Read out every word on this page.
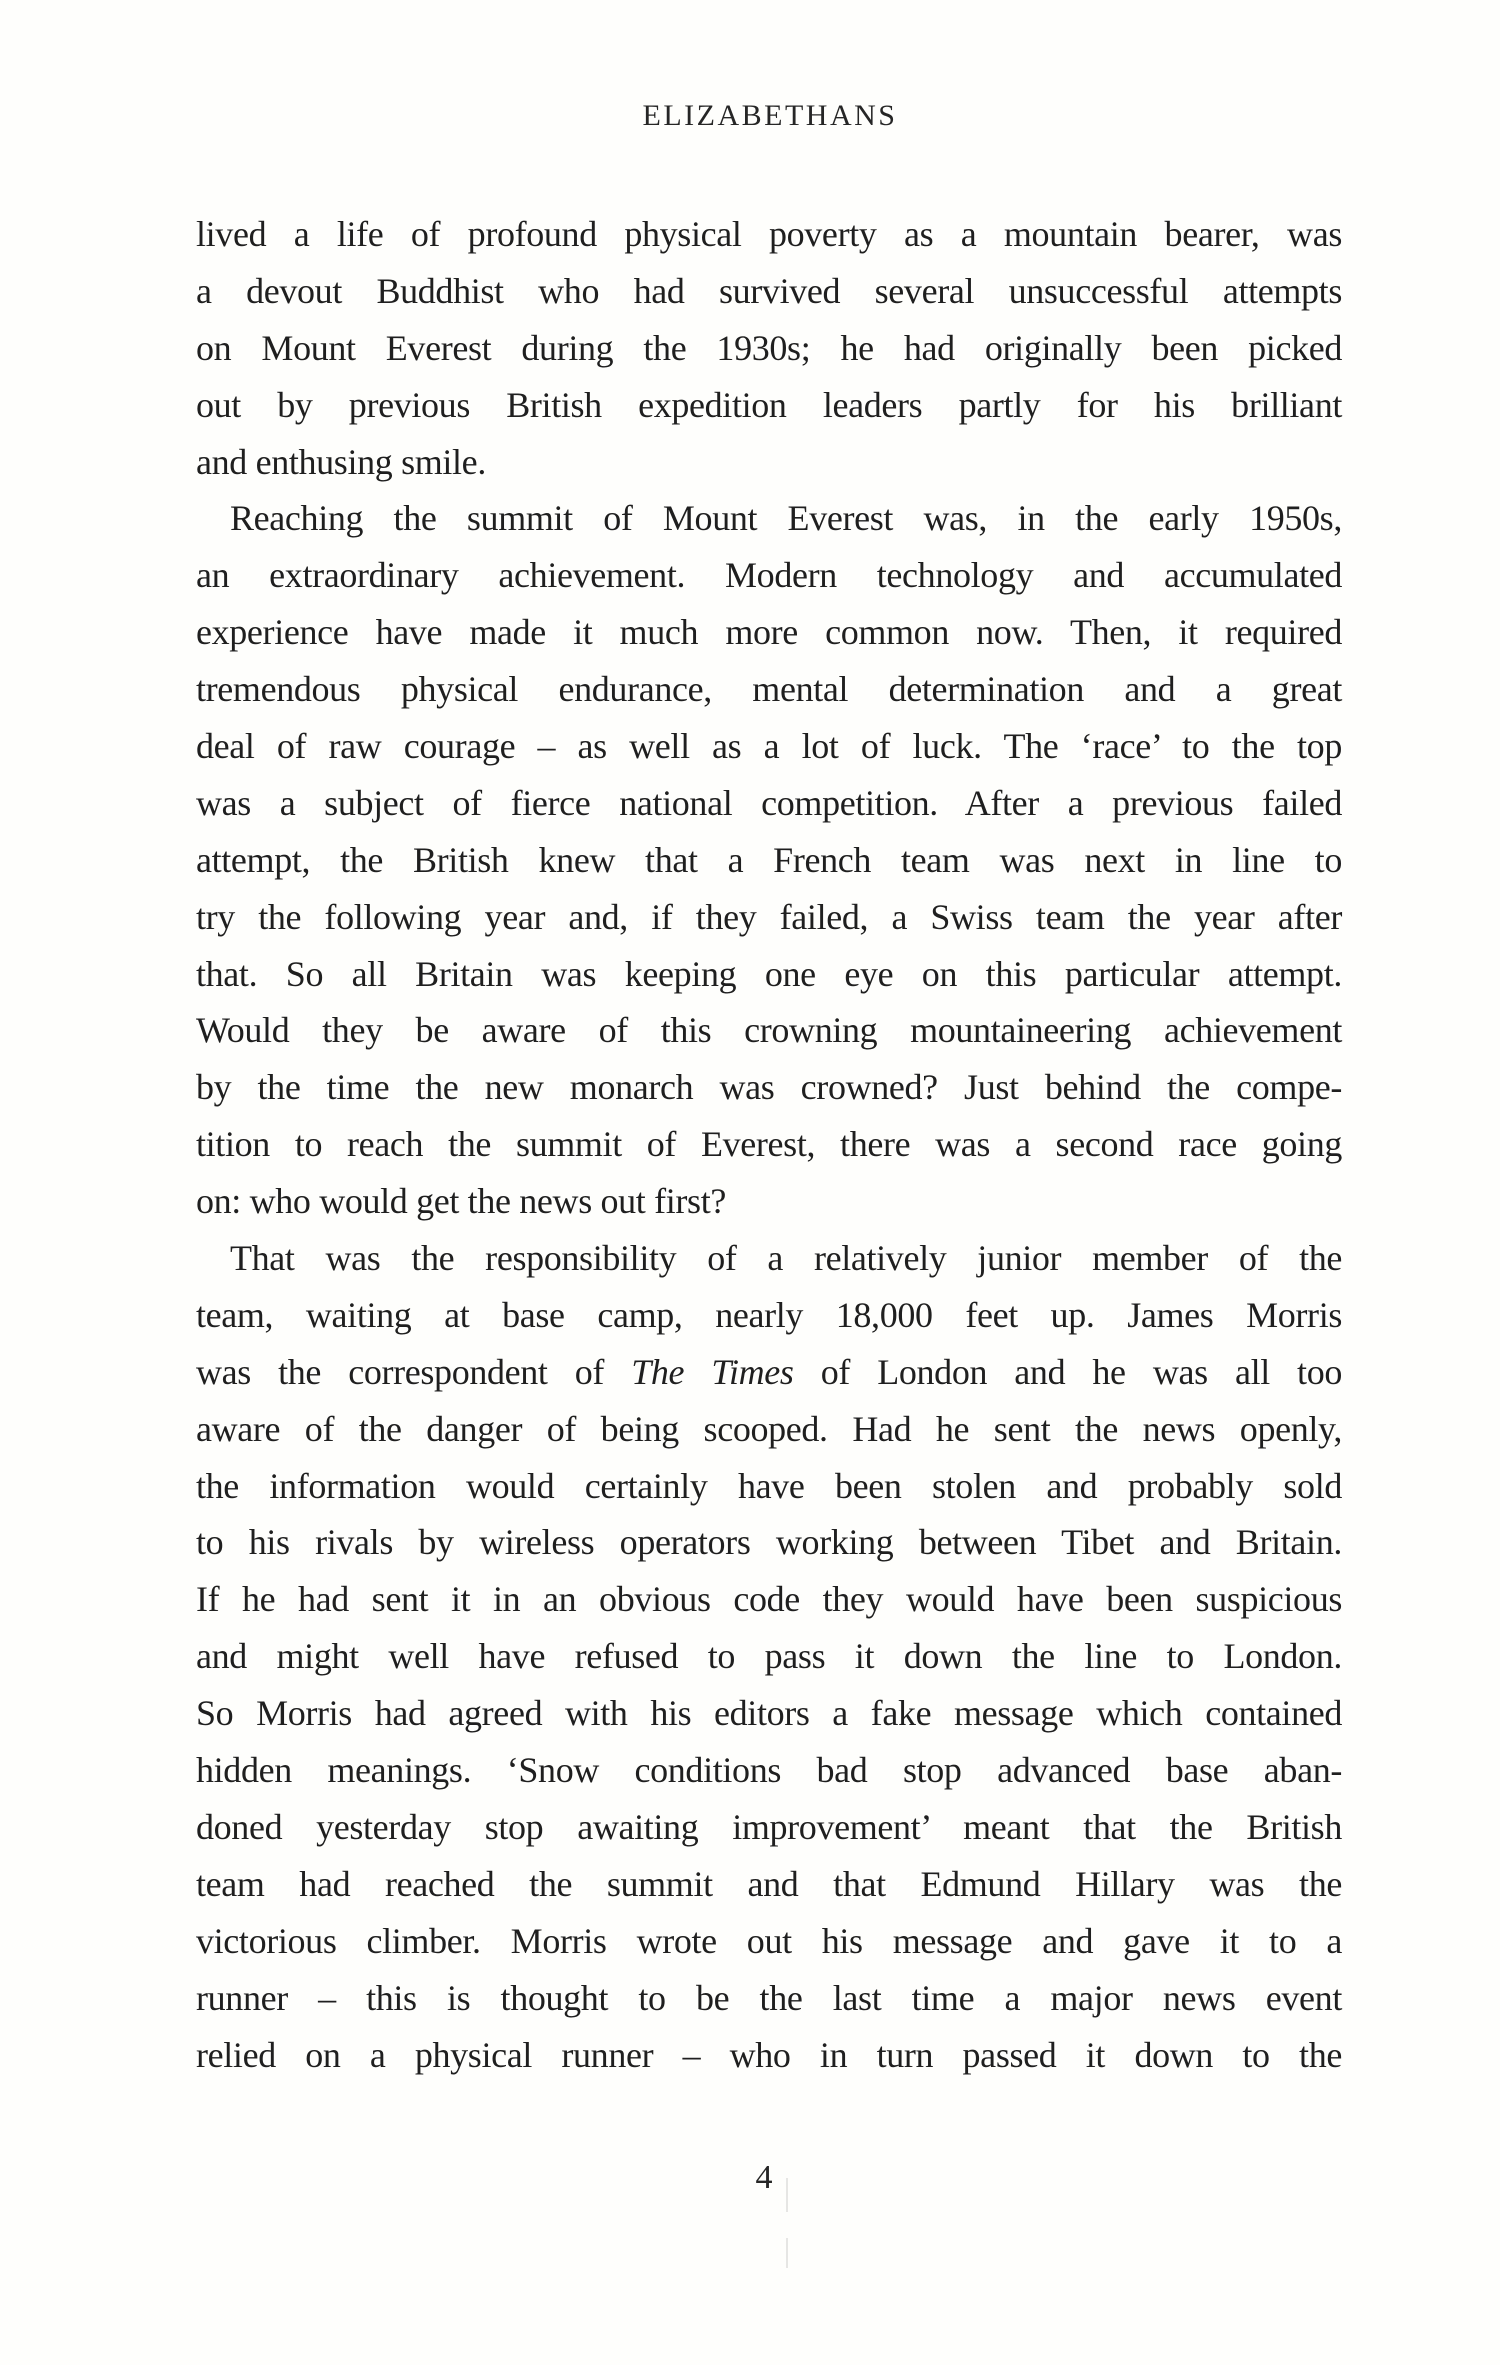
ELIZABETHANS
lived a life of profound physical poverty as a mountain bearer, was
a devout Buddhist who had survived several unsuccessful attempts
on Mount Everest during the 1930s; he had originally been picked
out by previous British expedition leaders partly for his brilliant
and enthusing smile.
Reaching the summit of Mount Everest was, in the early 1950s,
an extraordinary achievement. Modern technology and accumulated
experience have made it much more common now. Then, it required
tremendous physical endurance, mental determination and a great
deal of raw courage – as well as a lot of luck. The ‘race’ to the top
was a subject of fierce national competition. After a previous failed
attempt, the British knew that a French team was next in line to
try the following year and, if they failed, a Swiss team the year after
that. So all Britain was keeping one eye on this particular attempt.
Would they be aware of this crowning mountaineering achievement
by the time the new monarch was crowned? Just behind the compe-
tition to reach the summit of Everest, there was a second race going
on: who would get the news out first?
That was the responsibility of a relatively junior member of the
team, waiting at base camp, nearly 18,000 feet up. James Morris
was the correspondent of The Times of London and he was all too
aware of the danger of being scooped. Had he sent the news openly,
the information would certainly have been stolen and probably sold
to his rivals by wireless operators working between Tibet and Britain.
If he had sent it in an obvious code they would have been suspicious
and might well have refused to pass it down the line to London.
So Morris had agreed with his editors a fake message which contained
hidden meanings. ‘Snow conditions bad stop advanced base aban-
doned yesterday stop awaiting improvement’ meant that the British
team had reached the summit and that Edmund Hillary was the
victorious climber. Morris wrote out his message and gave it to a
runner – this is thought to be the last time a major news event
relied on a physical runner – who in turn passed it down to the
4
